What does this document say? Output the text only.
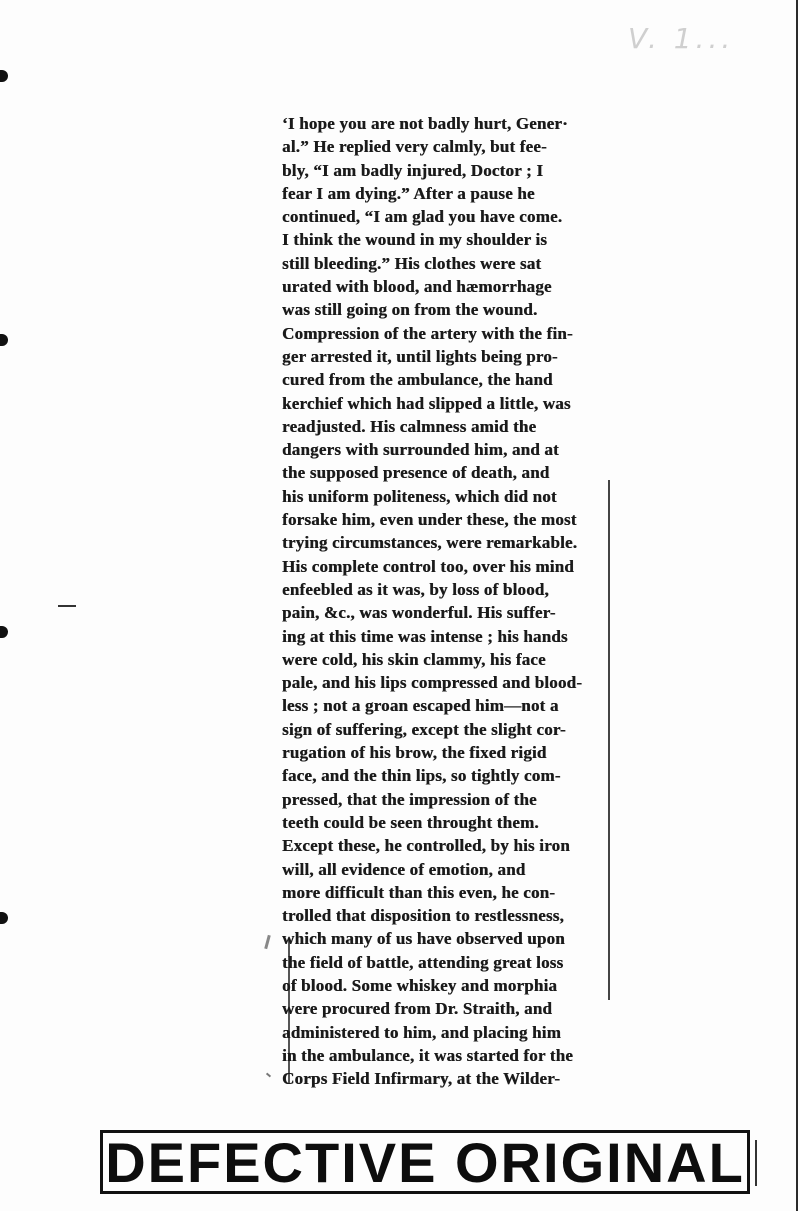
V. 1...
‘I hope you are not badly hurt, Gener·
al.” He replied very calmly, but fee-
bly, “I am badly injured, Doctor ; I
fear I am dying.” After a pause he
continued, “I am glad you have come.
I think the wound in my shoulder is
still bleeding.” His clothes were sat
urated with blood, and hæmorrhage
was still going on from the wound.
Compression of the artery with the fin-
ger arrested it, until lights being pro-
cured from the ambulance, the hand
kerchief which had slipped a little, was
readjusted. His calmness amid the
dangers with surrounded him, and at
the supposed presence of death, and
his uniform politeness, which did not
forsake him, even under these, the most
trying circumstances, were remarkable.
His complete control too, over his mind
enfeebled as it was, by loss of blood,
pain, &c., was wonderful. His suffer-
ing at this time was intense ; his hands
were cold, his skin clammy, his face
pale, and his lips compressed and blood-
less ; not a groan escaped him—not a
sign of suffering, except the slight cor-
rugation of his brow, the fixed rigid
face, and the thin lips, so tightly com-
pressed, that the impression of the
teeth could be seen throught them.
Except these, he controlled, by his iron
will, all evidence of emotion, and
more difficult than this even, he con-
trolled that disposition to restlessness,
which many of us have observed upon
the field of battle, attending great loss
of blood. Some whiskey and morphia
were procured from Dr. Straith, and
administered to him, and placing him
in the ambulance, it was started for the
Corps Field Infirmary, at the Wilder-
DEFECTIVE ORIGINAL
